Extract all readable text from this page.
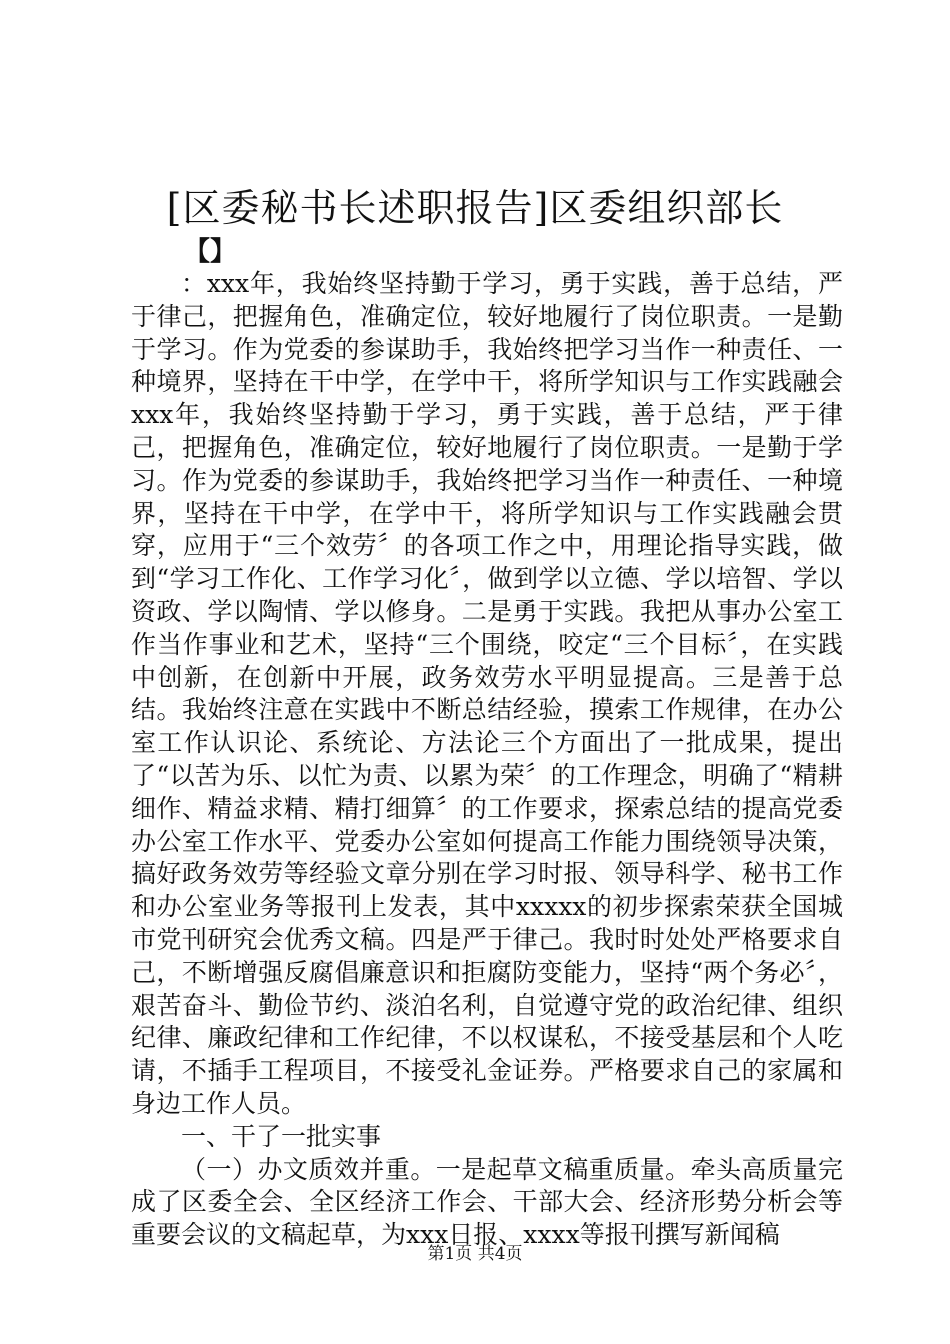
[区委秘书长述职报告]区委组织部长
【】

：xxx年，我始终坚持勤于学习，勇于实践，善于总结，严于律己，把握角色，准确定位，较好地履行了岗位职责。一是勤于学习。作为党委的参谋助手，我始终把学习当作一种责任、一种境界，坚持在干中学，在学中干，将所学知识与工作实践融会xxx年，我始终坚持勤于学习，勇于实践，善于总结，严于律己，把握角色，准确定位，较好地履行了岗位职责。一是勤于学习。作为党委的参谋助手，我始终把学习当作一种责任、一种境界，坚持在干中学，在学中干，将所学知识与工作实践融会贯穿，应用于“三个效劳〞的各项工作之中，用理论指导实践，做到“学习工作化、工作学习化〞，做到学以立德、学以培智、学以资政、学以陶情、学以修身。二是勇于实践。我把从事办公室工作当作事业和艺术，坚持“三个围绕，咬定“三个目标〞，在实践中创新，在创新中开展，政务效劳水平明显提高。三是善于总结。我始终注意在实践中不断总结经验，摸索工作规律，在办公室工作认识论、系统论、方法论三个方面出了一批成果，提出了“以苦为乐、以忙为责、以累为荣〞的工作理念，明确了“精耕细作、精益求精、精打细算〞的工作要求，探索总结的提高党委办公室工作水平、党委办公室如何提高工作能力围绕领导决策，搞好政务效劳等经验文章分别在学习时报、领导科学、秘书工作和办公室业务等报刊上发表，其中xxxxx的初步探索荣获全国城市党刊研究会优秀文稿。四是严于律己。我时时处处严格要求自己，不断增强反腐倡廉意识和拒腐防变能力，坚持“两个务必〞，艰苦奋斗、勤俭节约、淡泊名利，自觉遵守党的政治纪律、组织纪律、廉政纪律和工作纪律，不以权谋私，不接受基层和个人吃请，不插手工程项目，不接受礼金证券。严格要求自己的家属和身边工作人员。

一、干了一批实事

（一）办文质效并重。一是起草文稿重质量。牵头高质量完成了区委全会、全区经济工作会、干部大会、经济形势分析会等重要会议的文稿起草，为xxx日报、xxxx等报刊撰写新闻稿

第1页 共4页
